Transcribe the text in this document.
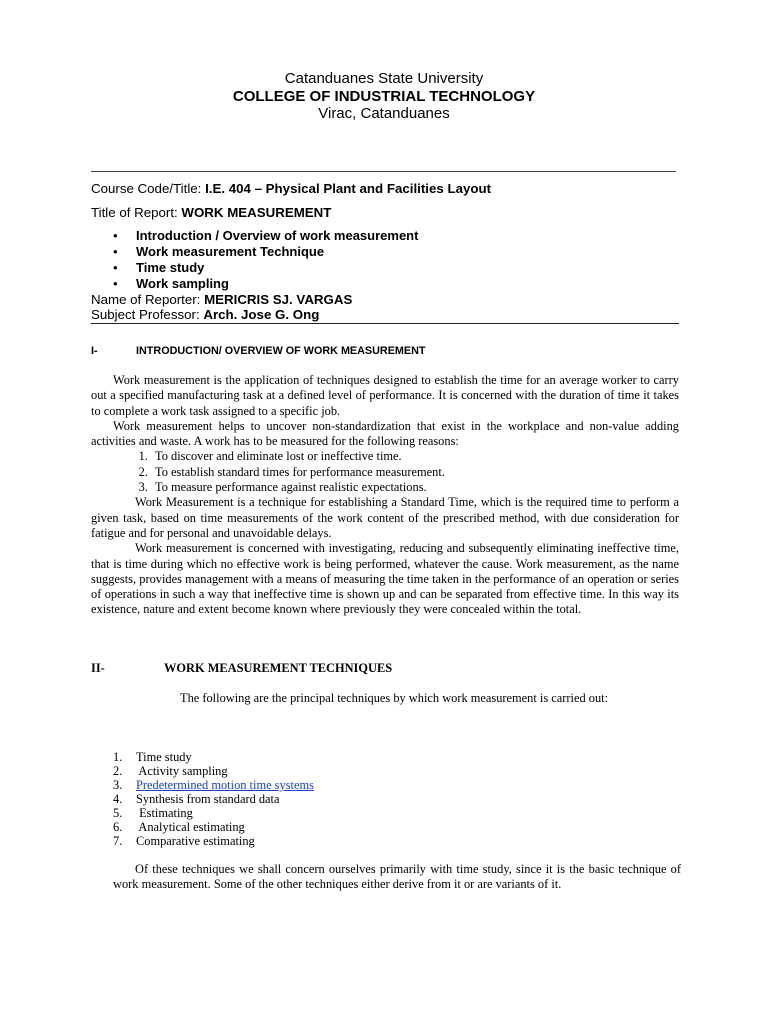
Catanduanes State University
COLLEGE OF INDUSTRIAL TECHNOLOGY
Virac, Catanduanes
Course Code/Title: I.E. 404 – Physical Plant and Facilities Layout
Title of Report: WORK MEASUREMENT
• Introduction / Overview of work measurement
• Work measurement Technique
• Time study
• Work sampling
Name of Reporter: MERICRIS SJ. VARGAS
Subject Professor: Arch. Jose G. Ong
I-	INTRODUCTION/ OVERVIEW OF WORK MEASUREMENT

Work measurement is the application of techniques designed to establish the time for an average worker to carry out a specified manufacturing task at a defined level of performance. It is concerned with the duration of time it takes to complete a work task assigned to a specific job.

Work measurement helps to uncover non-standardization that exist in the workplace and non-value adding activities and waste. A work has to be measured for the following reasons:

1. To discover and eliminate lost or ineffective time.
2. To establish standard times for performance measurement.
3. To measure performance against realistic expectations.

Work Measurement is a technique for establishing a Standard Time, which is the required time to perform a given task, based on time measurements of the work content of the prescribed method, with due consideration for fatigue and for personal and unavoidable delays.

Work measurement is concerned with investigating, reducing and subsequently eliminating ineffective time, that is time during which no effective work is being performed, whatever the cause. Work measurement, as the name suggests, provides management with a means of measuring the time taken in the performance of an operation or series of operations in such a way that ineffective time is shown up and can be separated from effective time. In this way its existence, nature and extent become known where previously they were concealed within the total.

II-	WORK MEASUREMENT TECHNIQUES

The following are the principal techniques by which work measurement is carried out:

1. Time study
2. Activity sampling
3. Predetermined motion time systems
4. Synthesis from standard data
5. Estimating
6. Analytical estimating
7. Comparative estimating

Of these techniques we shall concern ourselves primarily with time study, since it is the basic technique of work measurement. Some of the other techniques either derive from it or are variants of it.
